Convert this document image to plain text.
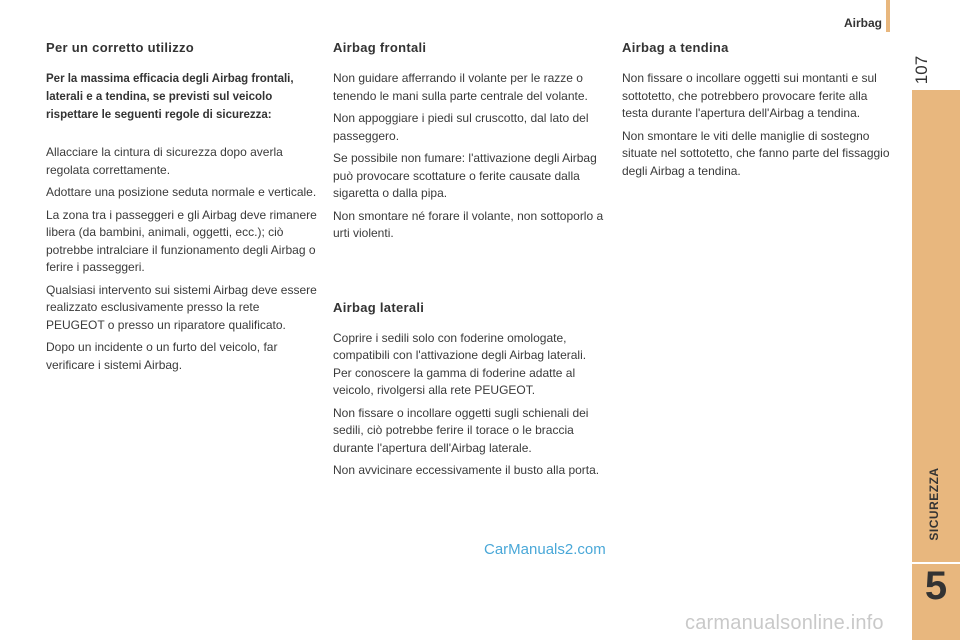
Airbag
107
SICUREZZA
5
Per un corretto utilizzo
Per la massima efficacia degli Airbag frontali, laterali e a tendina, se previsti sul veicolo rispettare le seguenti regole di sicurezza:

Allacciare la cintura di sicurezza dopo averla regolata correttamente.

Adottare una posizione seduta normale e verticale.

La zona tra i passeggeri e gli Airbag deve rimanere libera (da bambini, animali, oggetti, ecc.); ciò potrebbe intralciare il funzionamento degli Airbag o ferire i passeggeri.

Qualsiasi intervento sui sistemi Airbag deve essere realizzato esclusivamente presso la rete PEUGEOT o presso un riparatore qualificato.

Dopo un incidente o un furto del veicolo, far verificare i sistemi Airbag.

Airbag frontali

Non guidare afferrando il volante per le razze o tenendo le mani sulla parte centrale del volante.

Non appoggiare i piedi sul cruscotto, dal lato del passeggero.

Se possibile non fumare: l'attivazione degli Airbag può provocare scottature o ferite causate dalla sigaretta o dalla pipa.

Non smontare né forare il volante, non sottoporlo a urti violenti.

Airbag laterali

Coprire i sedili solo con foderine omologate, compatibili con l'attivazione degli Airbag laterali. Per conoscere la gamma di foderine adatte al veicolo, rivolgersi alla rete PEUGEOT.

Non fissare o incollare oggetti sugli schienali dei sedili, ciò potrebbe ferire il torace o le braccia durante l'apertura dell'Airbag laterale.

Non avvicinare eccessivamente il busto alla porta.

Airbag a tendina

Non fissare o incollare oggetti sui montanti e sul sottotetto, che potrebbero provocare ferite alla testa durante l'apertura dell'Airbag a tendina.

Non smontare le viti delle maniglie di sostegno situate nel sottotetto, che fanno parte del fissaggio degli Airbag a tendina.

CarManuals2.com
carmanualsonline.info
